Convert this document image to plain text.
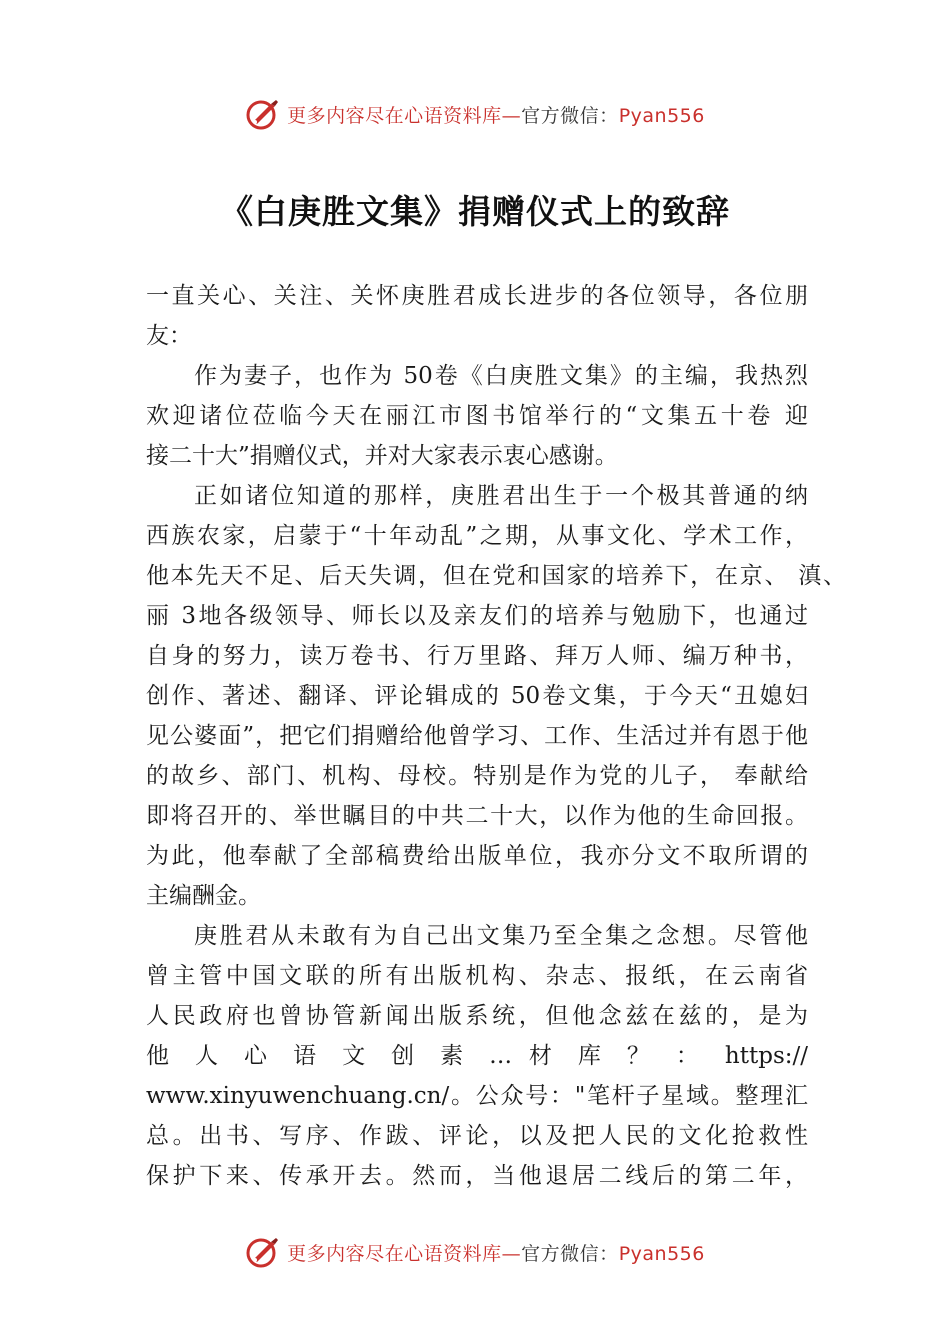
更多内容尽在心语资料库—官方微信：Pyan556
《白庚胜文集》捐赠仪式上的致辞
一直关心、关注、关怀庚胜君成长进步的各位领导，各位朋
友：
作为妻子，也作为 50卷《白庚胜文集》的主编，我热烈
欢迎诸位莅临今天在丽江市图书馆举行的“文集五十卷 迎
接二十大”捐赠仪式，并对大家表示衷心感谢。
正如诸位知道的那样，庚胜君出生于一个极其普通的纳
西族农家，启蒙于“十年动乱”之期，从事文化、学术工作，
他本先天不足、后天失调，但在党和国家的培养下，在京、 滇、
丽 3地各级领导、师长以及亲友们的培养与勉励下，也通过
自身的努力，读万卷书、行万里路、拜万人师、编万种书，
创作、著述、翻译、评论辑成的 50卷文集，于今天“丑媳妇
见公婆面”，把它们捐赠给他曾学习、工作、生活过并有恩于他
的故乡、部门、机构、母校。特别是作为党的儿子， 奉献给
即将召开的、举世瞩目的中共二十大，以作为他的生命回报。
为此，他奉献了全部稿费给出版单位，我亦分文不取所谓的
主编酬金。
庚胜君从未敢有为自己出文集乃至全集之念想。尽管他
曾主管中国文联的所有出版机构、杂志、报纸，在云南省
人民政府也曾协管新闻出版系统，但他念兹在兹的，是为
他 人 心 语 文 创 素 … 材 库 ？ ： https://
www.xinyuwenchuang.cn/。公众号："笔杆子星域。整理汇
总。出书、写序、作跋、评论，以及把人民的文化抢救性
保护下来、传承开去。然而，当他退居二线后的第二年，
更多内容尽在心语资料库—官方微信：Pyan556
